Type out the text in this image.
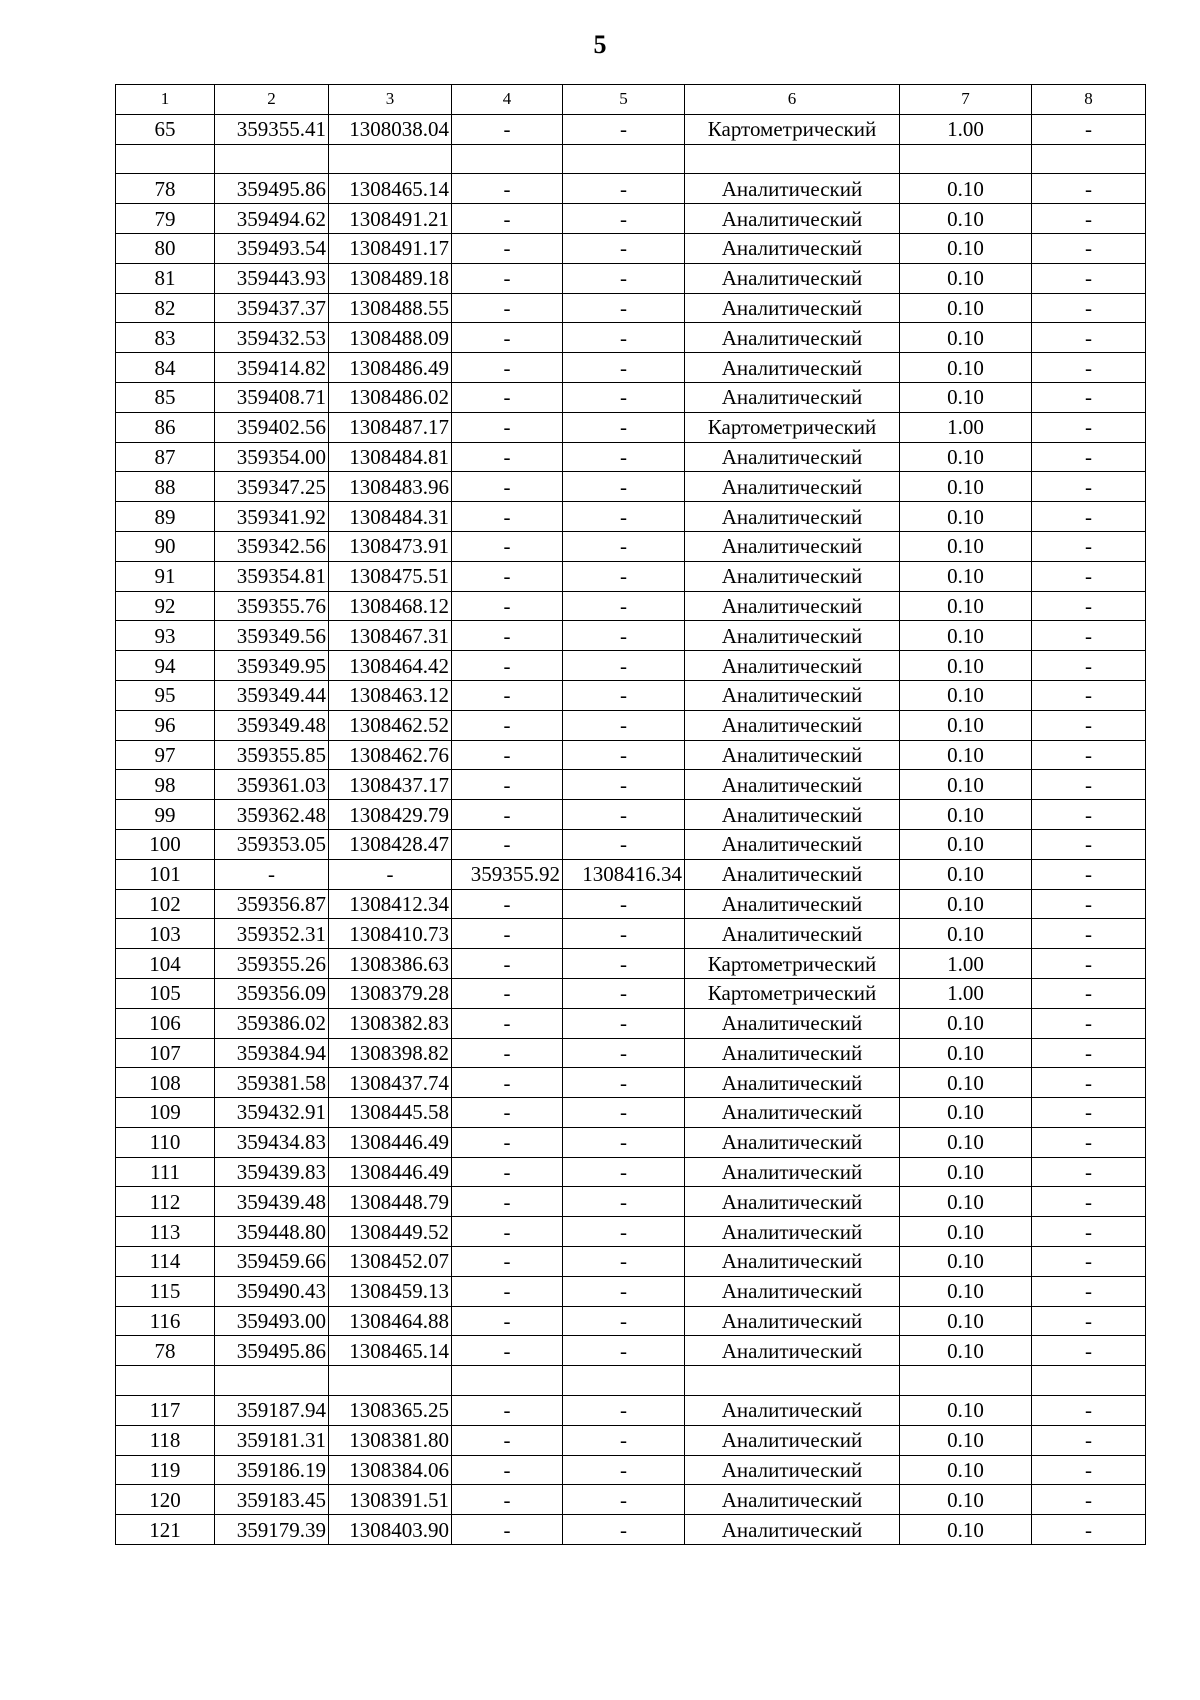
5
1	2	3	4	5	6	7	8
65	359355.41	1308038.04	-	-	Картометрический	1.00	-

78	359495.86	1308465.14	-	-	Аналитический	0.10	-
79	359494.62	1308491.21	-	-	Аналитический	0.10	-
80	359493.54	1308491.17	-	-	Аналитический	0.10	-
81	359443.93	1308489.18	-	-	Аналитический	0.10	-
82	359437.37	1308488.55	-	-	Аналитический	0.10	-
83	359432.53	1308488.09	-	-	Аналитический	0.10	-
84	359414.82	1308486.49	-	-	Аналитический	0.10	-
85	359408.71	1308486.02	-	-	Аналитический	0.10	-
86	359402.56	1308487.17	-	-	Картометрический	1.00	-
87	359354.00	1308484.81	-	-	Аналитический	0.10	-
88	359347.25	1308483.96	-	-	Аналитический	0.10	-
89	359341.92	1308484.31	-	-	Аналитический	0.10	-
90	359342.56	1308473.91	-	-	Аналитический	0.10	-
91	359354.81	1308475.51	-	-	Аналитический	0.10	-
92	359355.76	1308468.12	-	-	Аналитический	0.10	-
93	359349.56	1308467.31	-	-	Аналитический	0.10	-
94	359349.95	1308464.42	-	-	Аналитический	0.10	-
95	359349.44	1308463.12	-	-	Аналитический	0.10	-
96	359349.48	1308462.52	-	-	Аналитический	0.10	-
97	359355.85	1308462.76	-	-	Аналитический	0.10	-
98	359361.03	1308437.17	-	-	Аналитический	0.10	-
99	359362.48	1308429.79	-	-	Аналитический	0.10	-
100	359353.05	1308428.47	-	-	Аналитический	0.10	-
101	-	-	359355.92	1308416.34	Аналитический	0.10	-
102	359356.87	1308412.34	-	-	Аналитический	0.10	-
103	359352.31	1308410.73	-	-	Аналитический	0.10	-
104	359355.26	1308386.63	-	-	Картометрический	1.00	-
105	359356.09	1308379.28	-	-	Картометрический	1.00	-
106	359386.02	1308382.83	-	-	Аналитический	0.10	-
107	359384.94	1308398.82	-	-	Аналитический	0.10	-
108	359381.58	1308437.74	-	-	Аналитический	0.10	-
109	359432.91	1308445.58	-	-	Аналитический	0.10	-
110	359434.83	1308446.49	-	-	Аналитический	0.10	-
111	359439.83	1308446.49	-	-	Аналитический	0.10	-
112	359439.48	1308448.79	-	-	Аналитический	0.10	-
113	359448.80	1308449.52	-	-	Аналитический	0.10	-
114	359459.66	1308452.07	-	-	Аналитический	0.10	-
115	359490.43	1308459.13	-	-	Аналитический	0.10	-
116	359493.00	1308464.88	-	-	Аналитический	0.10	-
78	359495.86	1308465.14	-	-	Аналитический	0.10	-

117	359187.94	1308365.25	-	-	Аналитический	0.10	-
118	359181.31	1308381.80	-	-	Аналитический	0.10	-
119	359186.19	1308384.06	-	-	Аналитический	0.10	-
120	359183.45	1308391.51	-	-	Аналитический	0.10	-
121	359179.39	1308403.90	-	-	Аналитический	0.10	-
